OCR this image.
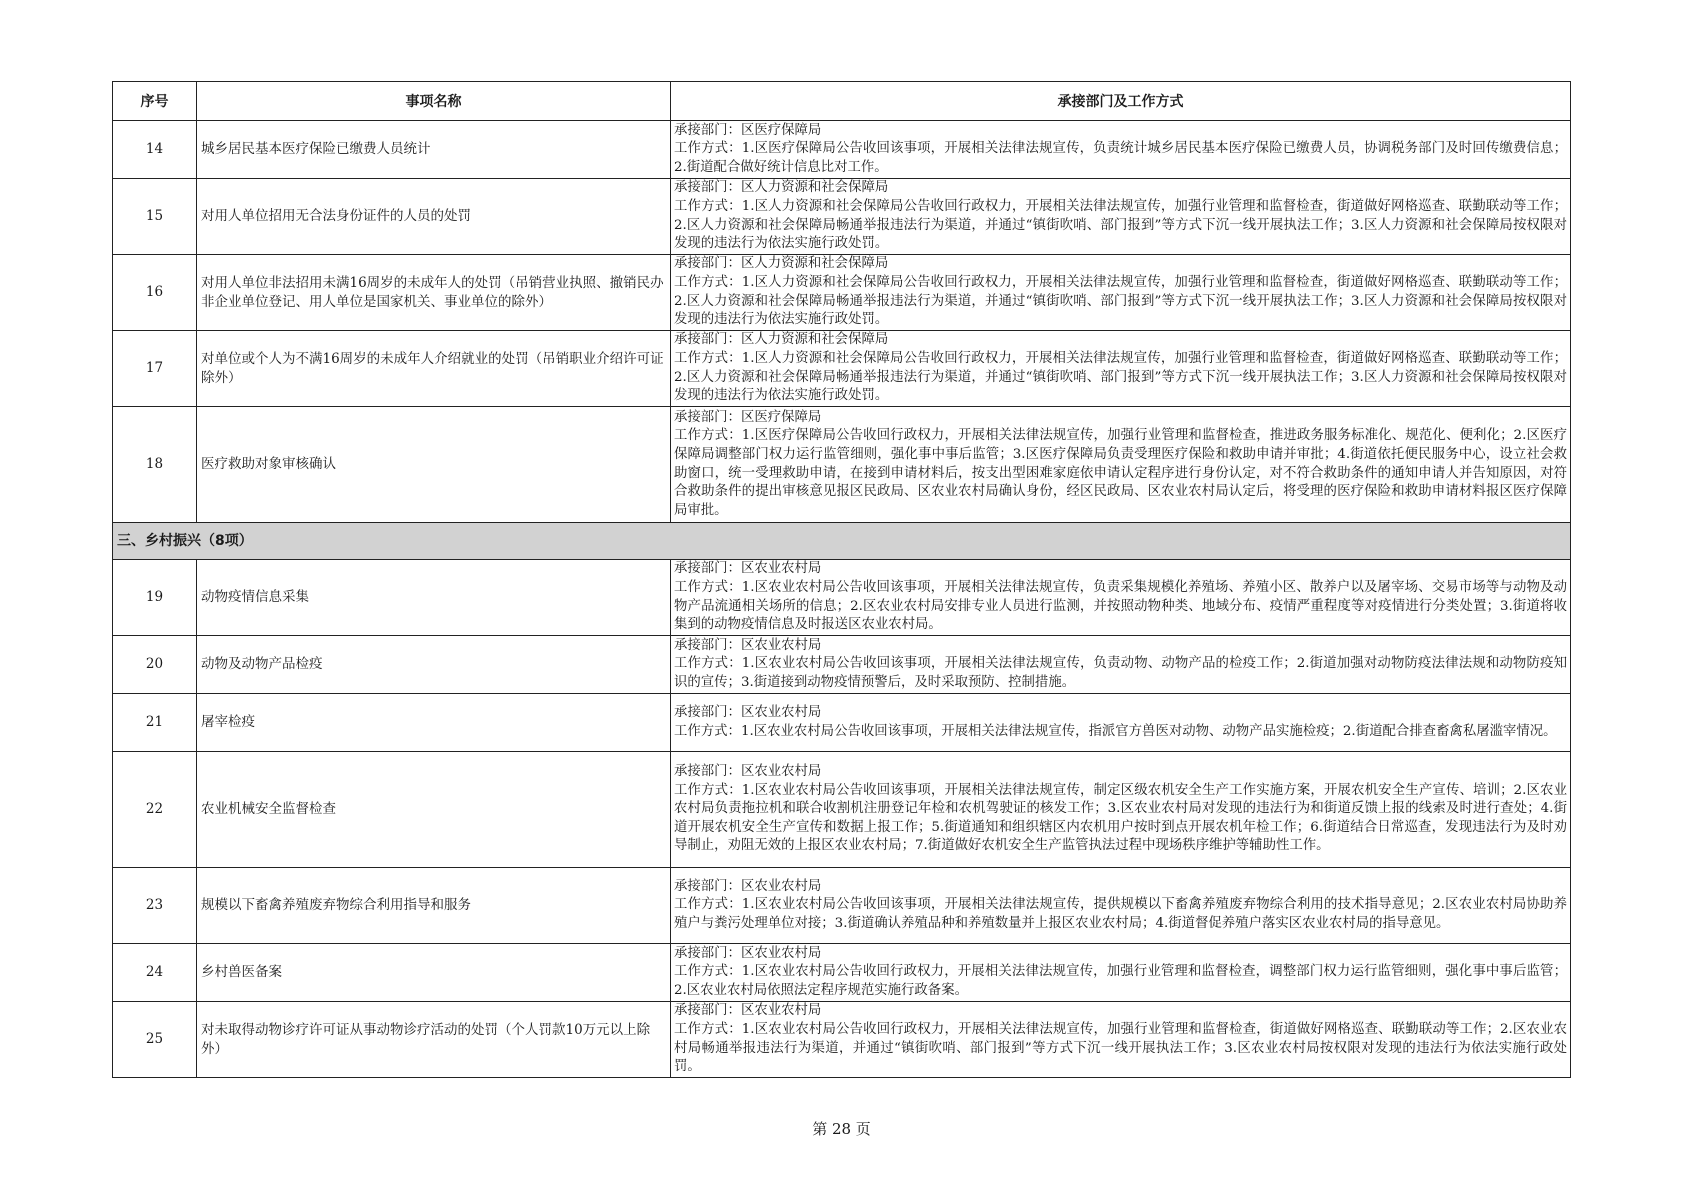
序号	事项名称	承接部门及工作方式
14	城乡居民基本医疗保险已缴费人员统计	承接部门：区医疗保障局
工作方式：1.区医疗保障局公告收回该事项，开展相关法律法规宣传，负责统计城乡居民基本医疗保险已缴费人员，协调税务部门及时回传缴费信息；2.街道配合做好统计信息比对工作。

15	对用人单位招用无合法身份证件的人员的处罚	承接部门：区人力资源和社会保障局
工作方式：1.区人力资源和社会保障局公告收回行政权力，开展相关法律法规宣传，加强行业管理和监督检查，街道做好网格巡查、联勤联动等工作；2.区人力资源和社会保障局畅通举报违法行为渠道，并通过“镇街吹哨、部门报到”等方式下沉一线开展执法工作；3.区人力资源和社会保障局按权限对发现的违法行为依法实施行政处罚。

16	对用人单位非法招用未满16周岁的未成年人的处罚（吊销营业执照、撤销民办非企业单位登记、用人单位是国家机关、事业单位的除外）	承接部门：区人力资源和社会保障局
工作方式：1.区人力资源和社会保障局公告收回行政权力，开展相关法律法规宣传，加强行业管理和监督检查，街道做好网格巡查、联勤联动等工作；2.区人力资源和社会保障局畅通举报违法行为渠道，并通过“镇街吹哨、部门报到”等方式下沉一线开展执法工作；3.区人力资源和社会保障局按权限对发现的违法行为依法实施行政处罚。

17	对单位或个人为不满16周岁的未成年人介绍就业的处罚（吊销职业介绍许可证除外）	承接部门：区人力资源和社会保障局
工作方式：1.区人力资源和社会保障局公告收回行政权力，开展相关法律法规宣传，加强行业管理和监督检查，街道做好网格巡查、联勤联动等工作；2.区人力资源和社会保障局畅通举报违法行为渠道，并通过“镇街吹哨、部门报到”等方式下沉一线开展执法工作；3.区人力资源和社会保障局按权限对发现的违法行为依法实施行政处罚。

18	医疗救助对象审核确认	承接部门：区医疗保障局
工作方式：1.区医疗保障局公告收回行政权力，开展相关法律法规宣传，加强行业管理和监督检查，推进政务服务标准化、规范化、便利化；2.区医疗保障局调整部门权力运行监管细则，强化事中事后监管；3.区医疗保障局负责受理医疗保险和救助申请并审批；4.街道依托便民服务中心，设立社会救助窗口，统一受理救助申请，在接到申请材料后，按支出型困难家庭依申请认定程序进行身份认定，对不符合救助条件的通知申请人并告知原因，对符合救助条件的提出审核意见报区民政局、区农业农村局确认身份，经区民政局、区农业农村局认定后，将受理的医疗保险和救助申请材料报区医疗保障局审批。

三、乡村振兴（8项）		
19	动物疫情信息采集	承接部门：区农业农村局
工作方式：1.区农业农村局公告收回该事项，开展相关法律法规宣传，负责采集规模化养殖场、养殖小区、散养户以及屠宰场、交易市场等与动物及动物产品流通相关场所的信息；2.区农业农村局安排专业人员进行监测，并按照动物种类、地域分布、疫情严重程度等对疫情进行分类处置；3.街道将收集到的动物疫情信息及时报送区农业农村局。

20	动物及动物产品检疫	承接部门：区农业农村局
工作方式：1.区农业农村局公告收回该事项，开展相关法律法规宣传，负责动物、动物产品的检疫工作；2.街道加强对动物防疫法律法规和动物防疫知识的宣传；3.街道接到动物疫情预警后，及时采取预防、控制措施。

21	屠宰检疫	承接部门：区农业农村局
工作方式：1.区农业农村局公告收回该事项，开展相关法律法规宣传，指派官方兽医对动物、动物产品实施检疫；2.街道配合排查畜禽私屠滥宰情况。

22	农业机械安全监督检查	承接部门：区农业农村局
工作方式：1.区农业农村局公告收回该事项，开展相关法律法规宣传，制定区级农机安全生产工作实施方案，开展农机安全生产宣传、培训；2.区农业农村局负责拖拉机和联合收割机注册登记年检和农机驾驶证的核发工作；3.区农业农村局对发现的违法行为和街道反馈上报的线索及时进行查处；4.街道开展农机安全生产宣传和数据上报工作；5.街道通知和组织辖区内农机用户按时到点开展农机年检工作；6.街道结合日常巡查，发现违法行为及时劝导制止，劝阻无效的上报区农业农村局；7.街道做好农机安全生产监管执法过程中现场秩序维护等辅助性工作。

23	规模以下畜禽养殖废弃物综合利用指导和服务	承接部门：区农业农村局
工作方式：1.区农业农村局公告收回该事项，开展相关法律法规宣传，提供规模以下畜禽养殖废弃物综合利用的技术指导意见；2.区农业农村局协助养殖户与粪污处理单位对接；3.街道确认养殖品种和养殖数量并上报区农业农村局；4.街道督促养殖户落实区农业农村局的指导意见。

24	乡村兽医备案	承接部门：区农业农村局
工作方式：1.区农业农村局公告收回行政权力，开展相关法律法规宣传，加强行业管理和监督检查，调整部门权力运行监管细则，强化事中事后监管；2.区农业农村局依照法定程序规范实施行政备案。

25	对未取得动物诊疗许可证从事动物诊疗活动的处罚（个人罚款10万元以上除外）	承接部门：区农业农村局
工作方式：1.区农业农村局公告收回行政权力，开展相关法律法规宣传，加强行业管理和监督检查，街道做好网格巡查、联勤联动等工作；2.区农业农村局畅通举报违法行为渠道，并通过“镇街吹哨、部门报到”等方式下沉一线开展执法工作；3.区农业农村局按权限对发现的违法行为依法实施行政处罚。
第 28 页
